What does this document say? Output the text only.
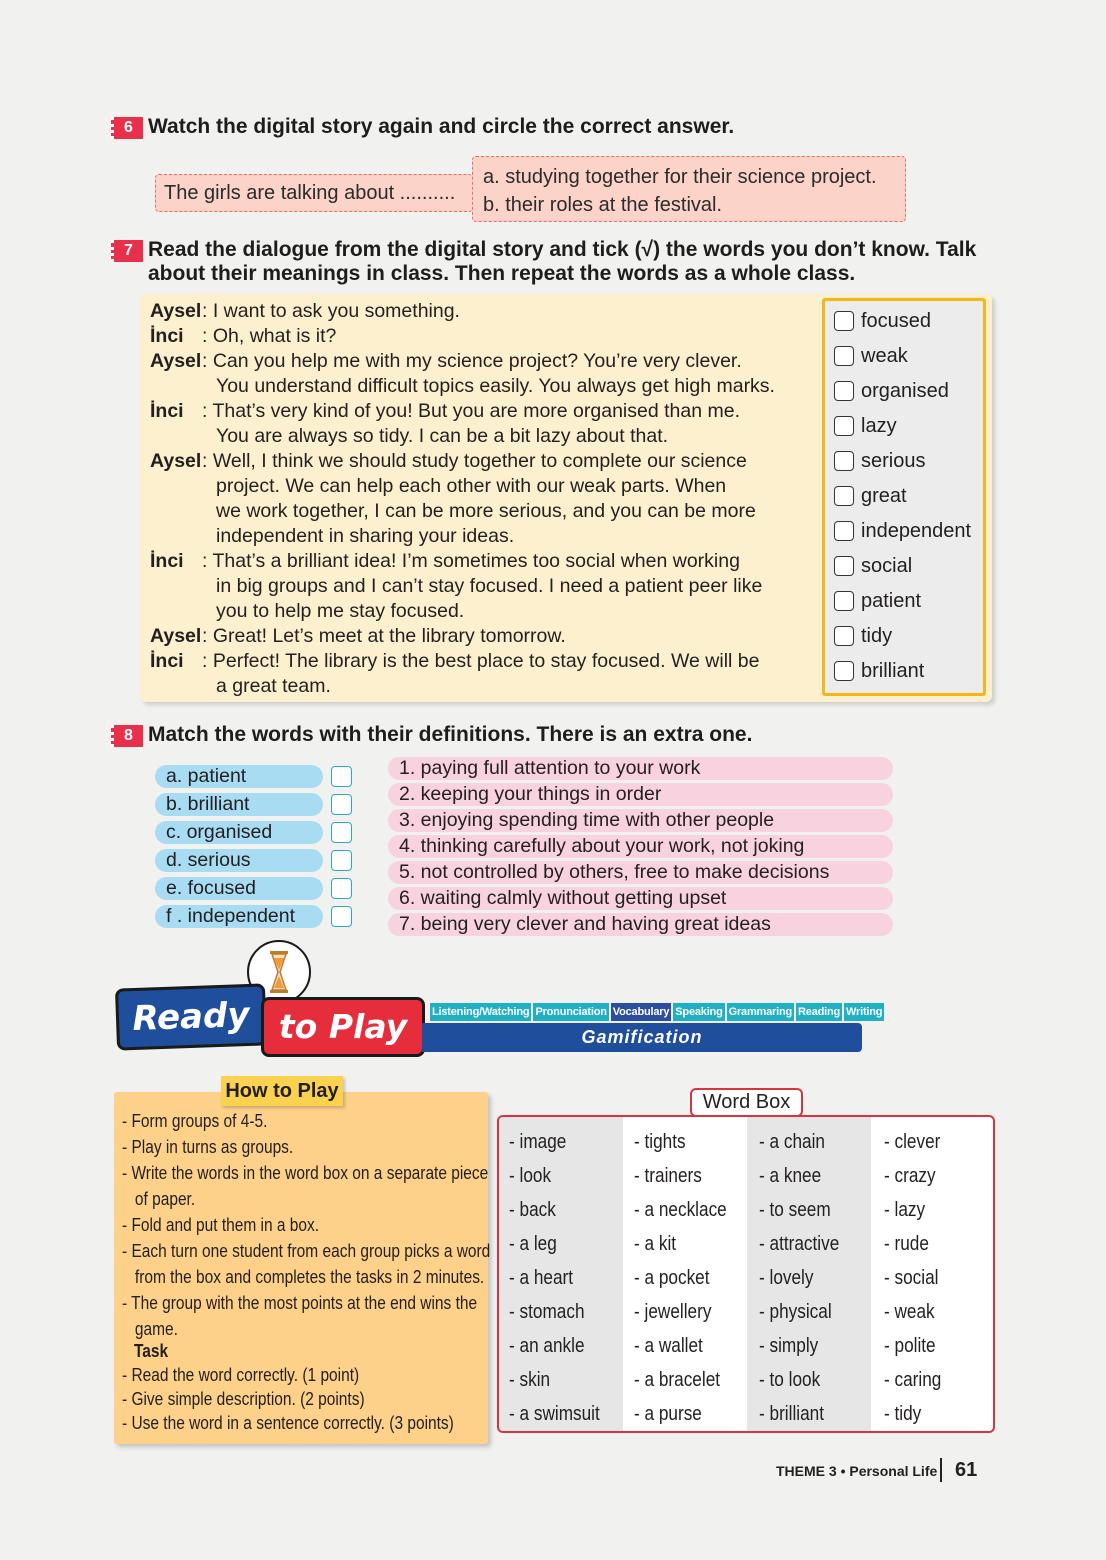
6 Watch the digital story again and circle the correct answer.
The girls are talking about ..........
a. studying together for their science project.
b. their roles at the festival.
7 Read the dialogue from the digital story and tick (√) the words you don’t know. Talk
about their meanings in class. Then repeat the words as a whole class.
Aysel: I want to ask you something.
İnci : Oh, what is it?
Aysel: Can you help me with my science project? You’re very clever.
You understand difficult topics easily. You always get high marks.
İnci : That’s very kind of you! But you are more organised than me.
You are always so tidy. I can be a bit lazy about that.
Aysel: Well, I think we should study together to complete our science
project. We can help each other with our weak parts. When
we work together, I can be more serious, and you can be more
independent in sharing your ideas.
İnci : That’s a brilliant idea! I’m sometimes too social when working
in big groups and I can’t stay focused. I need a patient peer like
you to help me stay focused.
Aysel: Great! Let’s meet at the library tomorrow.
İnci : Perfect! The library is the best place to stay focused. We will be
a great team.
focused
weak
organised
lazy
serious
great
independent
social
patient
tidy
brilliant
8 Match the words with their definitions. There is an extra one.
a. patient
b. brilliant
c. organised
d. serious
e. focused
f . independent
1. paying full attention to your work
2. keeping your things in order
3. enjoying spending time with other people
4. thinking carefully about your work, not joking
5. not controlled by others, free to make decisions
6. waiting calmly without getting upset
7. being very clever and having great ideas
Ready to Play	Listening/Watching Pronunciation Vocabulary Speaking Grammaring Reading Writing
Gamification
How to Play
- Form groups of 4-5.
- Play in turns as groups.
- Write the words in the word box on a separate piece
of paper.
- Fold and put them in a box.
- Each turn one student from each group picks a word
from the box and completes the tasks in 2 minutes.
- The group with the most points at the end wins the
game.
Task
- Read the word correctly. (1 point)
- Give simple description. (2 points)
- Use the word in a sentence correctly. (3 points)
- image
- look
- back
- a leg
- a heart
- stomach
- an ankle
- skin
- a swimsuit
- tights
- trainers
- a necklace
- a kit
- a pocket
- jewellery
- a wallet
- a bracelet
- a purse
- a chain
- a knee
- to seem
- attractive
- lovely
- physical
- simply
- to look
- brilliant
- clever
- crazy
- lazy
- rude
- social
- weak
- polite
- caring
- tidy
Word Box
THEME 3 • Personal Life 61
